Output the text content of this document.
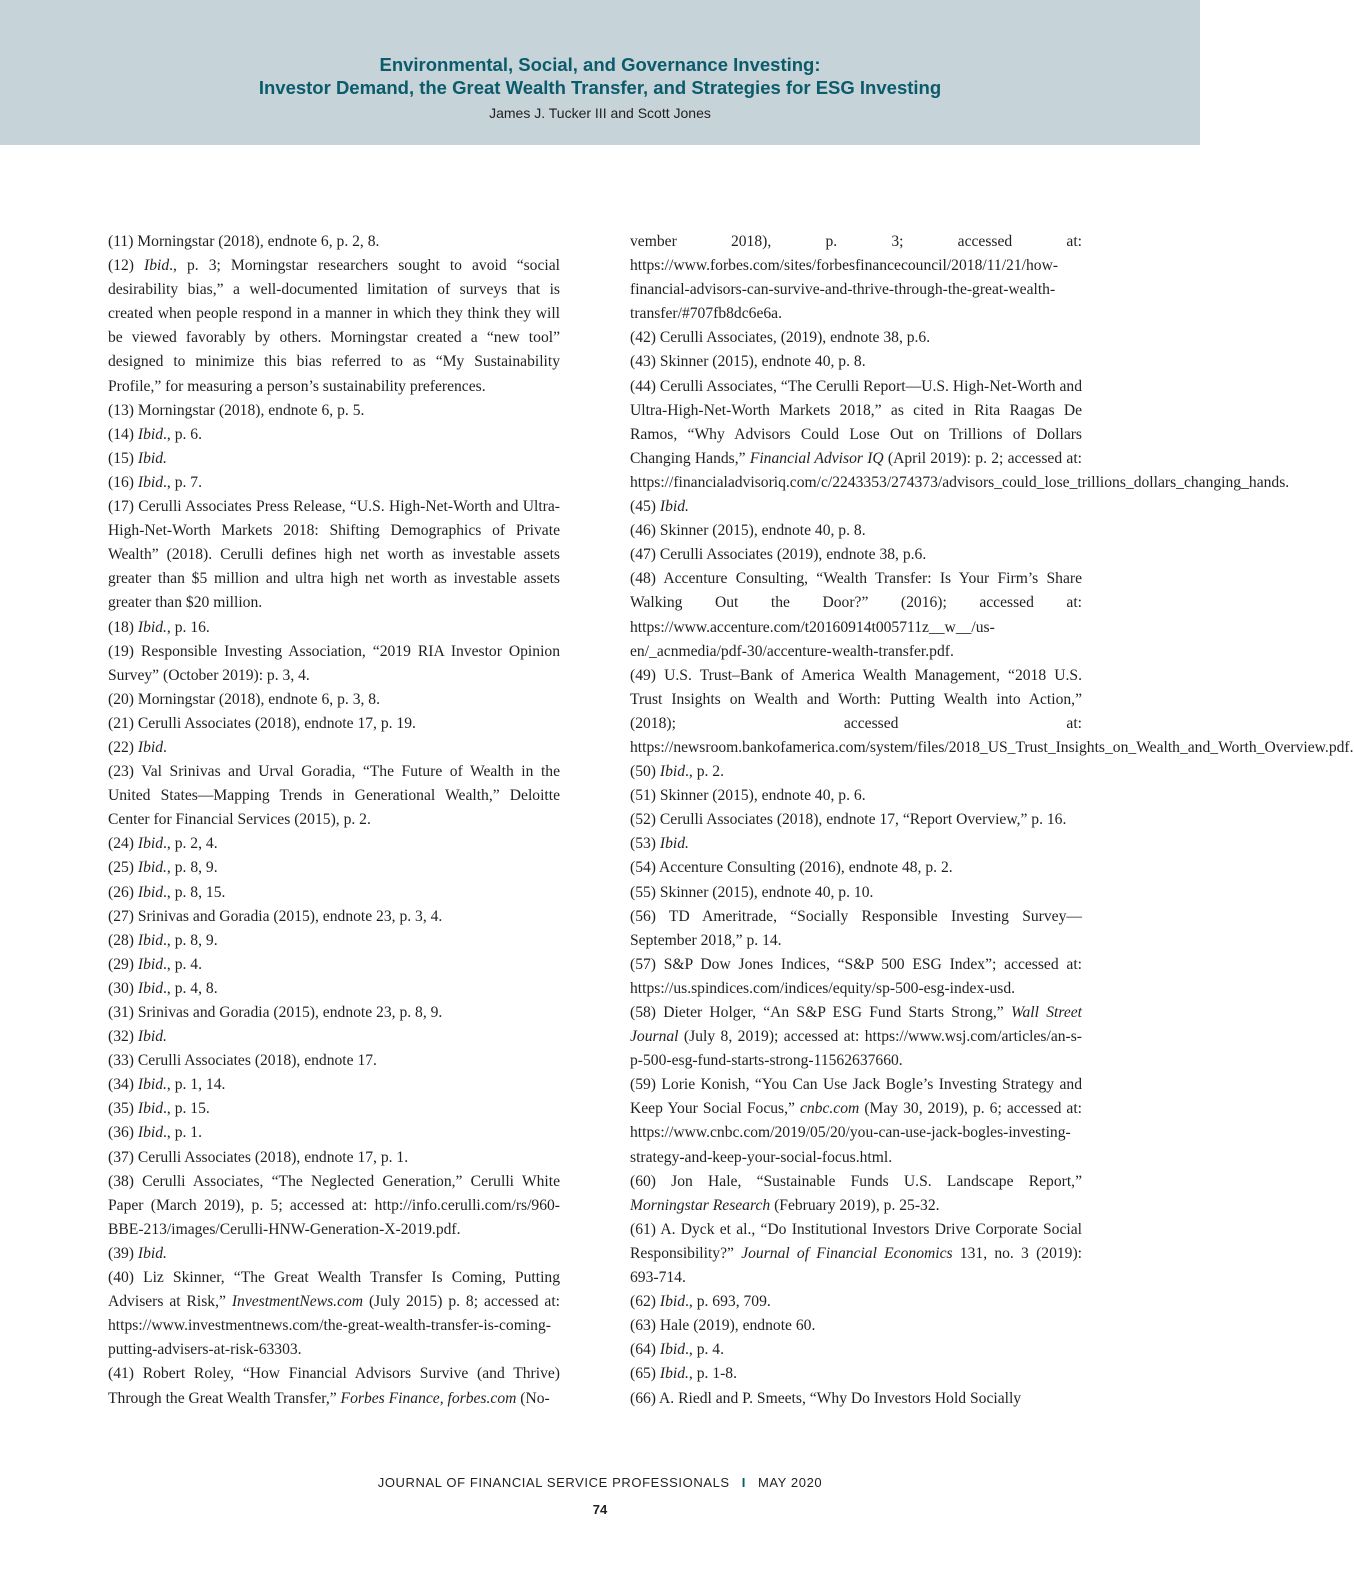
Environmental, Social, and Governance Investing:
Investor Demand, the Great Wealth Transfer, and Strategies for ESG Investing
James J. Tucker III and Scott Jones

(11) Morningstar (2018), endnote 6, p. 2, 8.

(12) Ibid., p. 3; Morningstar researchers sought to avoid “social desirability bias,” a well-documented limitation of surveys that is created when people respond in a manner in which they think they will be viewed favorably by others. Morningstar created a “new tool” designed to minimize this bias referred to as “My Sustainability Profile,” for measuring a person’s sustainability preferences.

(13) Morningstar (2018), endnote 6, p. 5.

(14) Ibid., p. 6.

(15) Ibid.

(16) Ibid., p. 7.

(17) Cerulli Associates Press Release, “U.S. High-Net-Worth and Ultra-High-Net-Worth Markets 2018: Shifting Demographics of Private Wealth” (2018). Cerulli defines high net worth as investable assets greater than $5 million and ultra high net worth as investable assets greater than $20 million.

(18) Ibid., p. 16.

(19) Responsible Investing Association, “2019 RIA Investor Opinion Survey” (October 2019): p. 3, 4.

(20) Morningstar (2018), endnote 6, p. 3, 8.

(21) Cerulli Associates (2018), endnote 17, p. 19.

(22) Ibid.

(23) Val Srinivas and Urval Goradia, “The Future of Wealth in the United States—Mapping Trends in Generational Wealth,” Deloitte Center for Financial Services (2015), p. 2.

(24) Ibid., p. 2, 4.

(25) Ibid., p. 8, 9.

(26) Ibid., p. 8, 15.

(27) Srinivas and Goradia (2015), endnote 23, p. 3, 4.

(28) Ibid., p. 8, 9.

(29) Ibid., p. 4.

(30) Ibid., p. 4, 8.

(31) Srinivas and Goradia (2015), endnote 23, p. 8, 9.

(32) Ibid.

(33) Cerulli Associates (2018), endnote 17.

(34) Ibid., p. 1, 14.

(35) Ibid., p. 15.

(36) Ibid., p. 1.

(37) Cerulli Associates (2018), endnote 17, p. 1.

(38) Cerulli Associates, “The Neglected Generation,” Cerulli White Paper (March 2019), p. 5; accessed at: http://info.cerulli.com/rs/960-BBE-213/images/Cerulli-HNW-Generation-X-2019.pdf.

(39) Ibid.

(40) Liz Skinner, “The Great Wealth Transfer Is Coming, Putting Advisers at Risk,” InvestmentNews.com (July 2015) p. 8; accessed at: https://www.investmentnews.com/the-great-wealth-transfer-is-coming-putting-advisers-at-risk-63303.

(41) Robert Roley, “How Financial Advisors Survive (and Thrive) Through the Great Wealth Transfer,” Forbes Finance, forbes.com (No-

vember 2018), p. 3; accessed at: https://www.forbes.com/sites/forbesfinancecouncil/2018/11/21/how-financial-advisors-can-survive-and-thrive-through-the-great-wealth-transfer/#707fb8dc6e6a.

(42) Cerulli Associates, (2019), endnote 38, p.6.

(43) Skinner (2015), endnote 40, p. 8.

(44) Cerulli Associates, “The Cerulli Report—U.S. High-Net-Worth and Ultra-High-Net-Worth Markets 2018,” as cited in Rita Raagas De Ramos, “Why Advisors Could Lose Out on Trillions of Dollars Changing Hands,” Financial Advisor IQ (April 2019): p. 2; accessed at: https://financialadvisoriq.com/c/2243353/274373/advisors_could_lose_trillions_dollars_changing_hands.

(45) Ibid.

(46) Skinner (2015), endnote 40, p. 8.

(47) Cerulli Associates (2019), endnote 38, p.6.

(48) Accenture Consulting, “Wealth Transfer: Is Your Firm’s Share Walking Out the Door?” (2016); accessed at: https://www.accenture.com/t20160914t005711z__w__/us-en/_acnmedia/pdf-30/accenture-wealth-transfer.pdf.

(49) U.S. Trust–Bank of America Wealth Management, “2018 U.S. Trust Insights on Wealth and Worth: Putting Wealth into Action,” (2018); accessed at: https://newsroom.bankofamerica.com/system/files/2018_US_Trust_Insights_on_Wealth_and_Worth_Overview.pdf.

(50) Ibid., p. 2.

(51) Skinner (2015), endnote 40, p. 6.

(52) Cerulli Associates (2018), endnote 17, “Report Overview,” p. 16.

(53) Ibid.

(54) Accenture Consulting (2016), endnote 48, p. 2.

(55) Skinner (2015), endnote 40, p. 10.

(56) TD Ameritrade, “Socially Responsible Investing Survey—September 2018,” p. 14.

(57) S&P Dow Jones Indices, “S&P 500 ESG Index”; accessed at: https://us.spindices.com/indices/equity/sp-500-esg-index-usd.

(58) Dieter Holger, “An S&P ESG Fund Starts Strong,” Wall Street Journal (July 8, 2019); accessed at: https://www.wsj.com/articles/an-s-p-500-esg-fund-starts-strong-11562637660.

(59) Lorie Konish, “You Can Use Jack Bogle’s Investing Strategy and Keep Your Social Focus,” cnbc.com (May 30, 2019), p. 6; accessed at: https://www.cnbc.com/2019/05/20/you-can-use-jack-bogles-investing-strategy-and-keep-your-social-focus.html.

(60) Jon Hale, “Sustainable Funds U.S. Landscape Report,” Morningstar Research (February 2019), p. 25-32.

(61) A. Dyck et al., “Do Institutional Investors Drive Corporate Social Responsibility?” Journal of Financial Economics 131, no. 3 (2019): 693-714.

(62) Ibid., p. 693, 709.

(63) Hale (2019), endnote 60.

(64) Ibid., p. 4.

(65) Ibid., p. 1-8.

(66) A. Riedl and P. Smeets, “Why Do Investors Hold Socially

JOURNAL OF FINANCIAL SERVICE PROFESSIONALS I MAY 2020
74
